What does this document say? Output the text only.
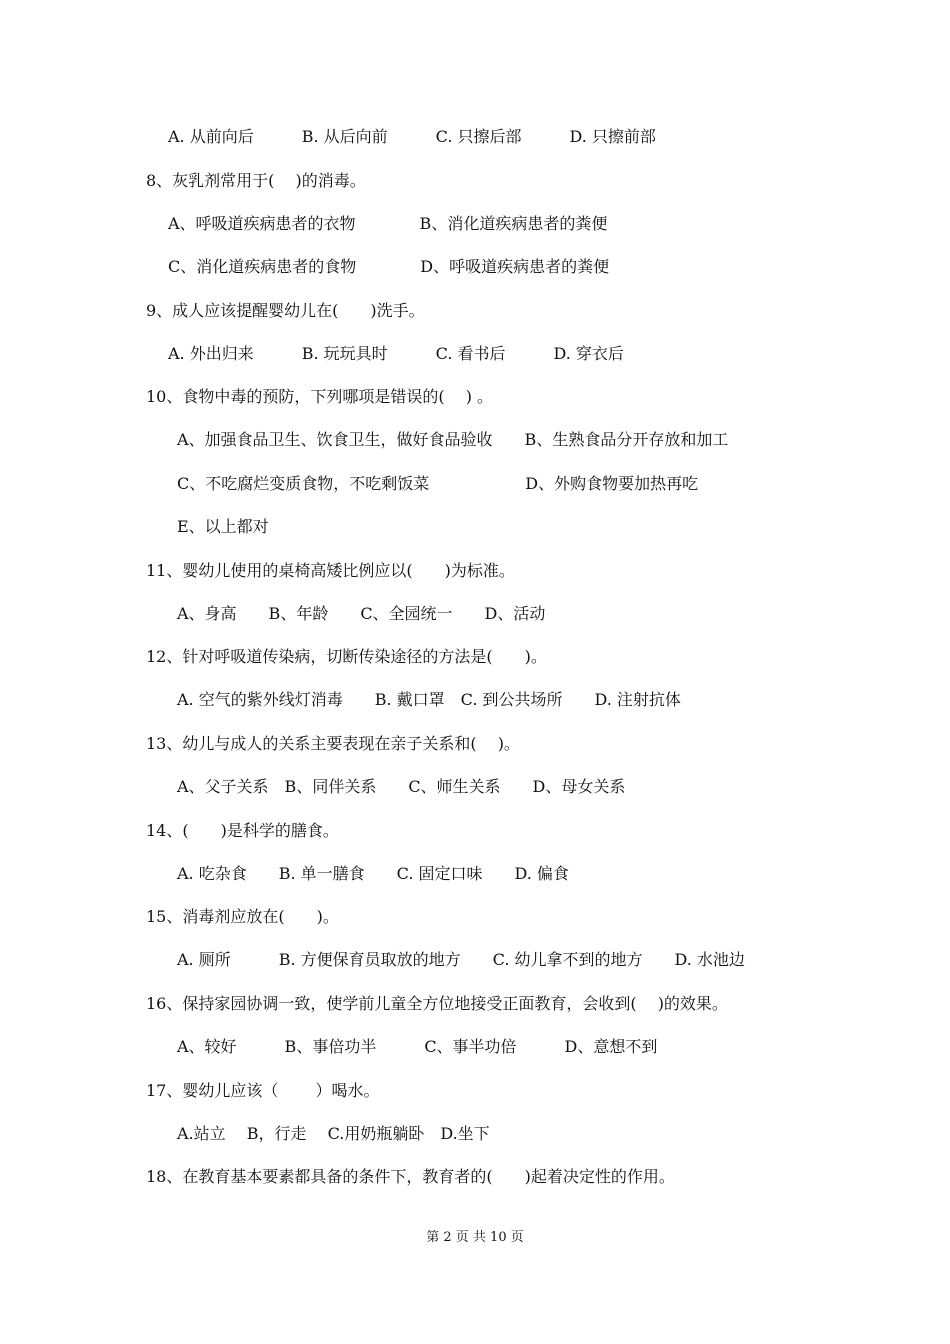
A. 从前向后　　　B. 从后向前　　　C. 只擦后部　　　D. 只擦前部
8、灰乳剂常用于(　 )的消毒。
A、呼吸道疾病患者的衣物　　　　B、消化道疾病患者的粪便
C、消化道疾病患者的食物　　　　D、呼吸道疾病患者的粪便
9、成人应该提醒婴幼儿在(　　)洗手。
A. 外出归来　　　B. 玩玩具时　　　C. 看书后　　　D. 穿衣后
10、食物中毒的预防，下列哪项是错误的(　 ) 。
A、加强食品卫生、饮食卫生，做好食品验收　　B、生熟食品分开存放和加工
C、不吃腐烂变质食物，不吃剩饭菜　　　　　　D、外购食物要加热再吃
E、以上都对
11、婴幼儿使用的桌椅高矮比例应以(　　)为标准。
A、身高　　B、年龄　　C、全园统一　　D、活动
12、针对呼吸道传染病，切断传染途径的方法是(　　)。
A. 空气的紫外线灯消毒　　B. 戴口罩　C. 到公共场所　　D. 注射抗体
13、幼儿与成人的关系主要表现在亲子关系和(　 )。
A、父子关系　B、同伴关系　　C、师生关系　　D、母女关系
14、(　　)是科学的膳食。
A. 吃杂食　　B. 单一膳食　　C. 固定口味　　D. 偏食
15、消毒剂应放在(　　)。
A. 厕所　　　B. 方便保育员取放的地方　　C. 幼儿拿不到的地方　　D. 水池边
16、保持家园协调一致，使学前儿童全方位地接受正面教育，会收到(　 )的效果。
A、较好　　　B、事倍功半　　　C、事半功倍　　　D、意想不到
17、婴幼儿应该（　　 ）喝水。
A.站立　 B，行走　 C.用奶瓶躺卧　D.坐下
18、在教育基本要素都具备的条件下，教育者的(　　)起着决定性的作用。
第 2 页 共 10 页
